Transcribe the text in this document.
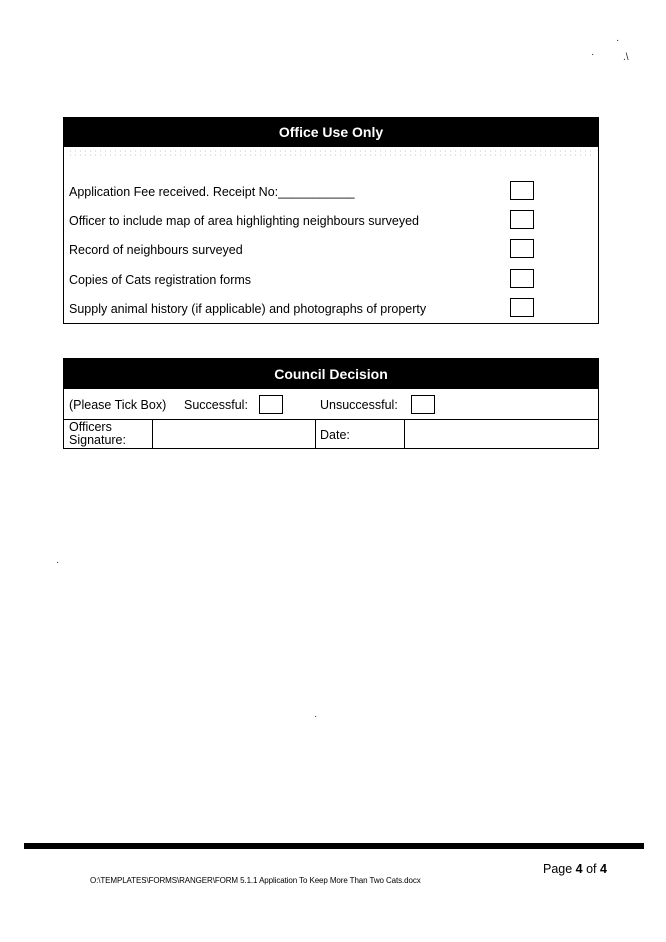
·
·
.\
Office Use Only
Application Fee received. Receipt No:___________
Officer to include map of area highlighting neighbours surveyed
Record of neighbours surveyed
Copies of Cats registration forms
Supply animal history (if applicable) and photographs of property
Council Decision
(Please Tick Box) Successful:	Unsuccessful:
Officers
Signature:	Date:
·
·
Page 4 of 4
O:\TEMPLATES\FORMS\RANGER\FORM 5.1.1 Application To Keep More Than Two Cats.docx
